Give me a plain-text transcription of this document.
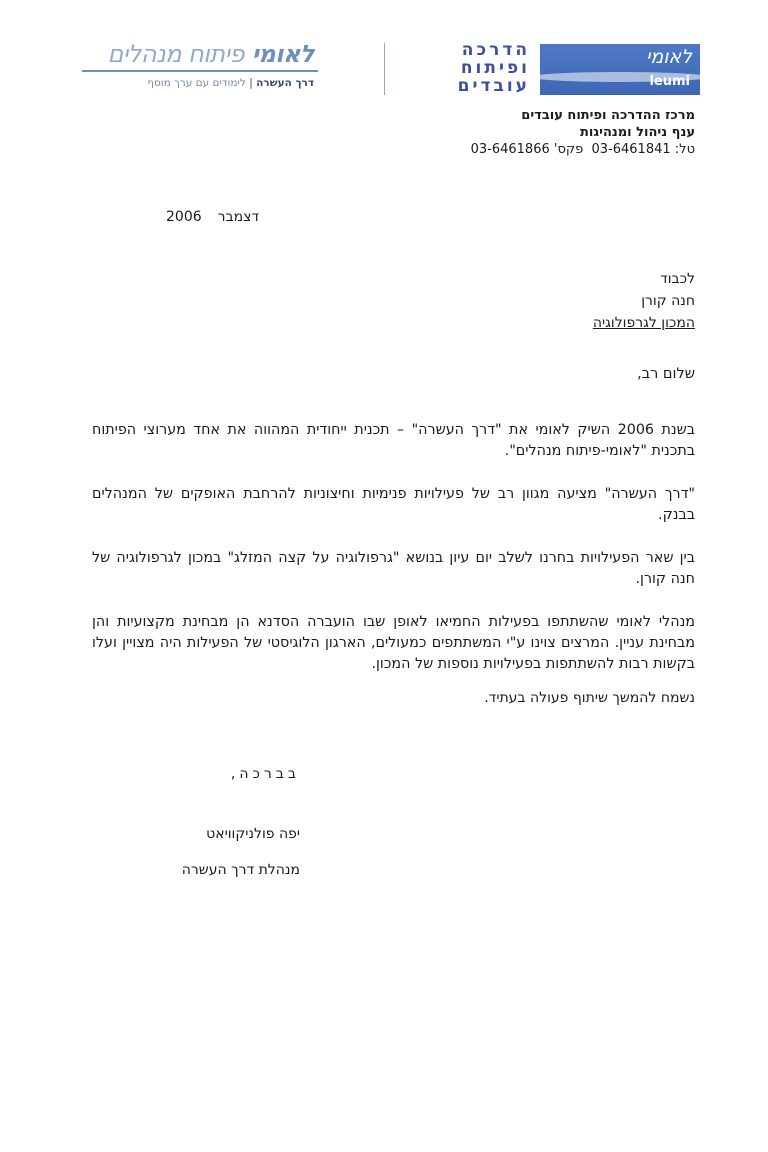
לאומי פיתוח מנהלים
דרך העשרה | לימודים עם ערך מוסף
הדרכה
ופיתוח
עובדים
לאומי
leumi
מרכז ההדרכה ופיתוח עובדים
ענף ניהול ומנהיגות
טל: 03-6461841  פקס' 03-6461866
דצמבר2006
לכבוד
חנה קורן
המכון לגרפולוגיה
שלום רב,

בשנת 2006 השיק לאומי את "דרך העשרה" – תכנית ייחודית המהווה את אחד מערוצי הפיתוח בתכנית "לאומי-פיתוח מנהלים".

"דרך העשרה" מציעה מגוון רב של פעילויות פנימיות וחיצוניות להרחבת האופקים של המנהלים בבנק.

בין שאר הפעילויות בחרנו לשלב יום עיון בנושא "גרפולוגיה על קצה המזלג" במכון לגרפולוגיה של חנה קורן.

מנהלי לאומי שהשתתפו בפעילות החמיאו לאופן שבו הועברה הסדנא הן מבחינת מקצועיות והן מבחינת עניין. המרצים צוינו ע"י המשתתפים כמעולים, הארגון הלוגיסטי של הפעילות היה מצויין ועלו בקשות רבות להשתתפות בפעילויות נוספות של המכון.

נשמח להמשך שיתוף פעולה בעתיד.
בברכה,
יפה פולניקוויאט
מנהלת דרך העשרה
